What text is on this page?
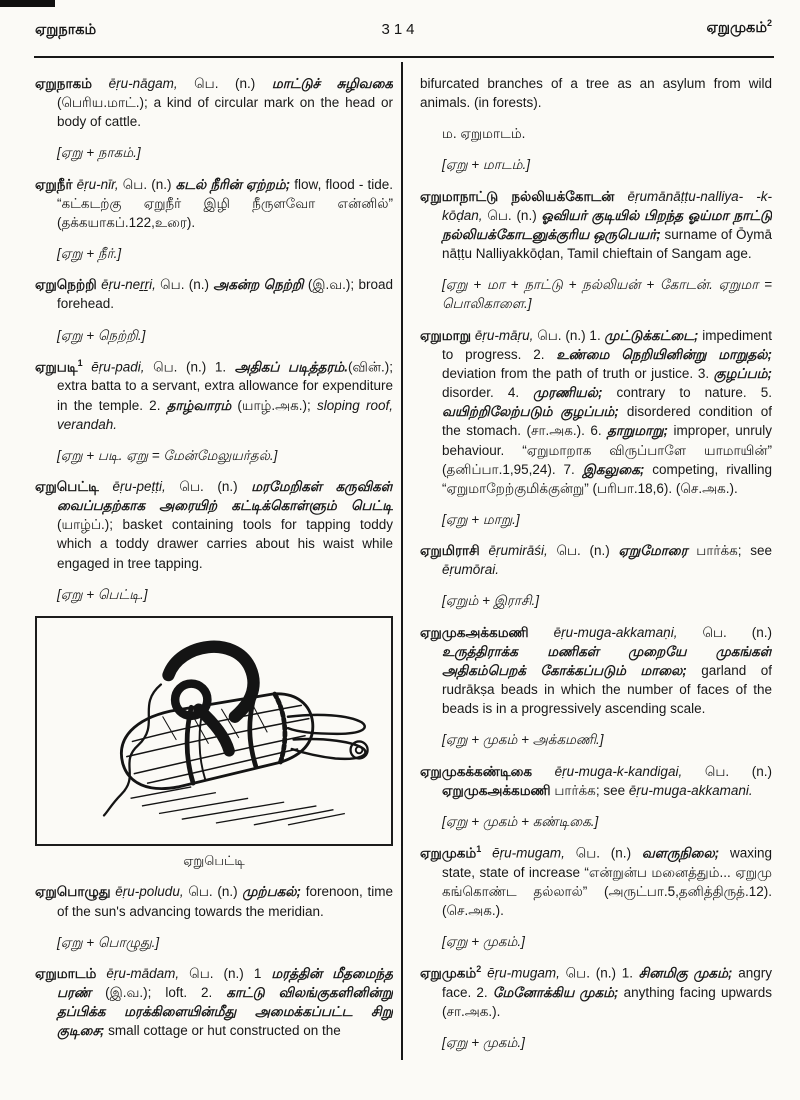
ஏறுநாகம்	314	ஏறுமுகம்$^2$

ஏறுநாகம் ēṛu-nāgam, பெ. (n.) மாட்டுச் சுழிவகை (பெரிய.மாட்.); a kind of circular mark on the head or body of cattle.

[ஏறு + நாகம்.]

ஏறுநீர் ēṛu-nīr, பெ. (n.) கடல் நீரின் ஏற்றம்; flow, flood - tide. “கட்கடற்கு ஏறுநீர் இழி நீருளவோ என்னில்” (தக்கயாகப்.122,உரை).

[ஏறு + நீர்.]

ஏறுநெற்றி ēṛu-neṟṟi, பெ. (n.) அகன்ற நெற்றி (இ.வ.); broad forehead.

[ஏறு + நெற்றி.]

ஏறுபடி$^1$ ēṛu-padi, பெ. (n.) 1. அதிகப் படித்தரம்.(வின்.); extra batta to a servant, extra allowance for expenditure in the temple. 2. தாழ்வாரம் (யாழ்.அக.); sloping roof, verandah.

[ஏறு + படி. ஏறு = மேன்மேலுயர்தல்.]

ஏறுபெட்டி ēṛu-peṭṭi, பெ. (n.) மரமேறிகள் கருவிகள் வைப்பதற்காக அரையிற் கட்டிக்கொள்ளும் பெட்டி (யாழ்ப்.); basket containing tools for tapping toddy which a toddy drawer carries about his waist while engaged in tree tapping.

[ஏறு + பெட்டி.]

ஏறுபெட்டி

ஏறுபொழுது ēṛu-poludu, பெ. (n.) முற்பகல்; forenoon, time of the sun's advancing towards the meridian.

[ஏறு + பொழுது.]

ஏறுமாடம் ēṛu-mādam, பெ. (n.) 1 மரத்தின் மீதமைந்த பரண் (இ.வ.); loft. 2. காட்டு விலங்குகளினின்று தப்பிக்க மரக்கிளையின்மீது அமைக்கப்பட்ட சிறு குடிசை; small cottage or hut constructed on the

bifurcated branches of a tree as an asylum from wild animals. (in forests).

ம. ஏறுமாடம்.

[ஏறு + மாடம்.]

ஏறுமாநாட்டு நல்லியக்கோடன் ēṛumānāṭṭu-nalliya- -k-kōḍan, பெ. (n.) ஓவியர் குடியில் பிறந்த ஓய்மா நாட்டு நல்லியக்கோடனுக்குரிய ஒருபெயர்; surname of Ōymā nāṭṭu Nalliyakkōḍan, Tamil chieftain of Sangam age.

[ஏறு + மா + நாட்டு + நல்லியன் + கோடன். ஏறுமா = பொலிகாளை.]

ஏறுமாறு ēṛu-māṛu, பெ. (n.) 1. முட்டுக்கட்டை; impediment to progress. 2. உண்மை நெறியினின்று மாறுதல்; deviation from the path of truth or justice. 3. குழப்பம்; disorder. 4. முரணியல்; contrary to nature. 5. வயிற்றிலேற்படும் குழப்பம்; disordered condition of the stomach. (சா.அக.). 6. தாறுமாறு; improper, unruly behaviour. “ஏறுமாறாக விருப்பாளே யாமாயின்” (தனிப்பா.1,95,24). 7. இகலுகை; competing, rivalling “ஏறுமாறேற்குமிக்குன்று” (பரிபா.18,6). (செ.அக.).

[ஏறு + மாறு.]

ஏறுமிராசி ēṛumirāśi, பெ. (n.) ஏறுமோரை பார்க்க; see ēṛumōrai.

[ஏறும் + இராசி.]

ஏறுமுகஅக்கமணி ēṛu-muga-akkamaṇi, பெ. (n.) உருத்திராக்க மணிகள் முறையே முகங்கள் அதிகம்பெறக் கோக்கப்படும் மாலை; garland of rudrākṣa beads in which the number of faces of the beads is in a progressively ascending scale.

[ஏறு + முகம் + அக்கமணி.]

ஏறுமுகக்கண்டிகை ēṛu-muga-k-kandigai, பெ. (n.) ஏறுமுகஅக்கமணி பார்க்க; see ēṛu-muga-akkamani.

[ஏறு + முகம் + கண்டிகை.]

ஏறுமுகம்$^1$ ēṛu-mugam, பெ. (n.) வளருநிலை; waxing state, state of increase “என்றுன்ப மனைத்தும்... ஏறுமு கங்கொண்ட தல்லால்” (அருட்பா.5,தனித்திருத்.12). (செ.அக.).

[ஏறு + முகம்.]

ஏறுமுகம்$^2$ ēṛu-mugam, பெ. (n.) 1. சினமிகு முகம்; angry face. 2. மேனோக்கிய முகம்; anything facing upwards (சா.அக.).

[ஏறு + முகம்.]
